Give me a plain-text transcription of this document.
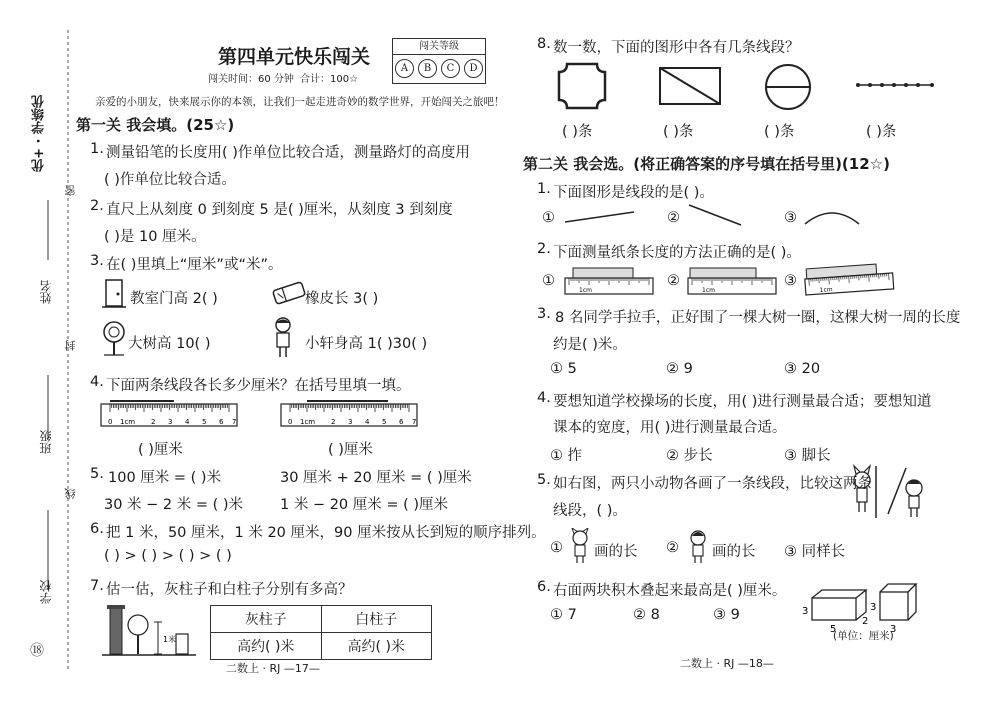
优+ · 学练优
姓名
班级
学校
密
封
线
⑱
第四单元快乐闯关
闯关时间：60 分钟 合计：100☆
闯关等级
A	B	C	D
亲爱的小朋友，快来展示你的本领，让我们一起走进奇妙的数学世界，开始闯关之旅吧！
第一关 我会填。(25☆)
1. 测量铅笔的长度用( )作单位比较合适，测量路灯的高度用
( )作单位比较合适。
2. 直尺上从刻度 0 到刻度 5 是( )厘米，从刻度 3 到刻度
( )是 10 厘米。
3. 在( )里填上“厘米”或“米”。
教室门高 2( )	橡皮长 3( )
大树高 10( )	小轩身高 1( )30( )
4. 下面两条线段各长多少厘米？在括号里填一填。
0 1cm 2 3 4 5 6 7	0 1cm 2 3 4 5 6 7
( )厘米	( )厘米
5. 100 厘米 = ( )米	30 厘米 + 20 厘米 = ( )厘米
30 米 − 2 米 = ( )米	1 米 − 20 厘米 = ( )厘米
6. 把 1 米，50 厘米，1 米 20 厘米，90 厘米按从长到短的顺序排列。
( ) > ( ) > ( ) > ( )
7. 估一估，灰柱子和白柱子分别有多高？
1米
灰柱子	白柱子
高约( )米	高约( )米
二数上 · RJ —17—
8. 数一数，下面的图形中各有几条线段？
( )条	( )条	( )条	( )条
第二关 我会选。(将正确答案的序号填在括号里)(12☆)
1. 下面图形是线段的是( )。
①	②	③
2. 下面测量纸条长度的方法正确的是( )。
①
1cm
②
1cm
③
1cm
3. 8 名同学手拉手，正好围了一棵大树一圈，这棵大树一周的长度
约是( )米。
① 5	② 9	③ 20
4. 要想知道学校操场的长度，用( )进行测量最合适；要想知道
课本的宽度，用( )进行测量最合适。
① 拃	② 步长	③ 脚长
5. 如右图，两只小动物各画了一条线段，比较这两条
线段，( )。
① 画的长 ② 画的长 ③ 同样长
6. 右面两块积木叠起来最高是( )厘米。
① 7	② 8	③ 9	3
5
2
3
3
(单位：厘米)
二数上 · RJ —18—
